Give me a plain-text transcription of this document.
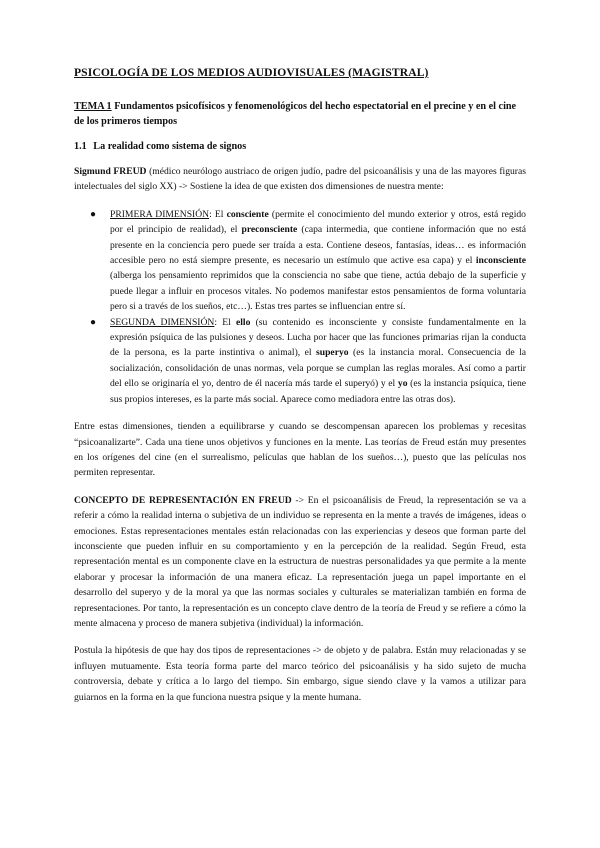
PSICOLOGÍA DE LOS MEDIOS AUDIOVISUALES (MAGISTRAL)
TEMA 1 Fundamentos psicofísicos y fenomenológicos del hecho espectatorial en el precine y en el cine de los primeros tiempos
1.1 La realidad como sistema de signos

Sigmund FREUD (médico neurólogo austriaco de origen judío, padre del psicoanálisis y una de las mayores figuras intelectuales del siglo XX) -> Sostiene la idea de que existen dos dimensiones de nuestra mente:

● PRIMERA DIMENSIÓN: El consciente (permite el conocimiento del mundo exterior y otros, está regido por el principio de realidad), el preconsciente (capa intermedia, que contiene información que no está presente en la conciencia pero puede ser traída a esta. Contiene deseos, fantasías, ideas… es información accesible pero no está siempre presente, es necesario un estímulo que active esa capa) y el inconsciente (alberga los pensamiento reprimidos que la consciencia no sabe que tiene, actúa debajo de la superficie y puede llegar a influir en procesos vitales. No podemos manifestar estos pensamientos de forma voluntaria pero si a través de los sueños, etc…). Estas tres partes se influencian entre sí.
● SEGUNDA DIMENSIÓN: El ello (su contenido es inconsciente y consiste fundamentalmente en la expresión psíquica de las pulsiones y deseos. Lucha por hacer que las funciones primarias rijan la conducta de la persona, es la parte instintiva o animal), el superyo (es la instancia moral. Consecuencia de la socialización, consolidación de unas normas, vela porque se cumplan las reglas morales. Así como a partir del ello se originaría el yo, dentro de él nacería más tarde el superyó) y el yo (es la instancia psíquica, tiene sus propios intereses, es la parte más social. Aparece como mediadora entre las otras dos).

Entre estas dimensiones, tienden a equilibrarse y cuando se descompensan aparecen los problemas y recesitas “psicoanalizarte”. Cada una tiene unos objetivos y funciones en la mente. Las teorías de Freud están muy presentes en los orígenes del cine (en el surrealismo, películas que hablan de los sueños…), puesto que las películas nos permiten representar.

CONCEPTO DE REPRESENTACIÓN EN FREUD -> En el psicoanálisis de Freud, la representación se va a referir a cómo la realidad interna o subjetiva de un individuo se representa en la mente a través de imágenes, ideas o emociones. Estas representaciones mentales están relacionadas con las experiencias y deseos que forman parte del inconsciente que pueden influir en su comportamiento y en la percepción de la realidad. Según Freud, esta representación mental es un componente clave en la estructura de nuestras personalidades ya que permite a la mente elaborar y procesar la información de una manera eficaz. La representación juega un papel importante en el desarrollo del superyo y de la moral ya que las normas sociales y culturales se materializan también en forma de representaciones. Por tanto, la representación es un concepto clave dentro de la teoría de Freud y se refiere a cómo la mente almacena y proceso de manera subjetiva (individual) la información.

Postula la hipótesis de que hay dos tipos de representaciones -> de objeto y de palabra. Están muy relacionadas y se influyen mutuamente. Esta teoría forma parte del marco teórico del psicoanálisis y ha sido sujeto de mucha controversia, debate y crítica a lo largo del tiempo. Sin embargo, sigue siendo clave y la vamos a utilizar para guiarnos en la forma en la que funciona nuestra psique y la mente humana.
